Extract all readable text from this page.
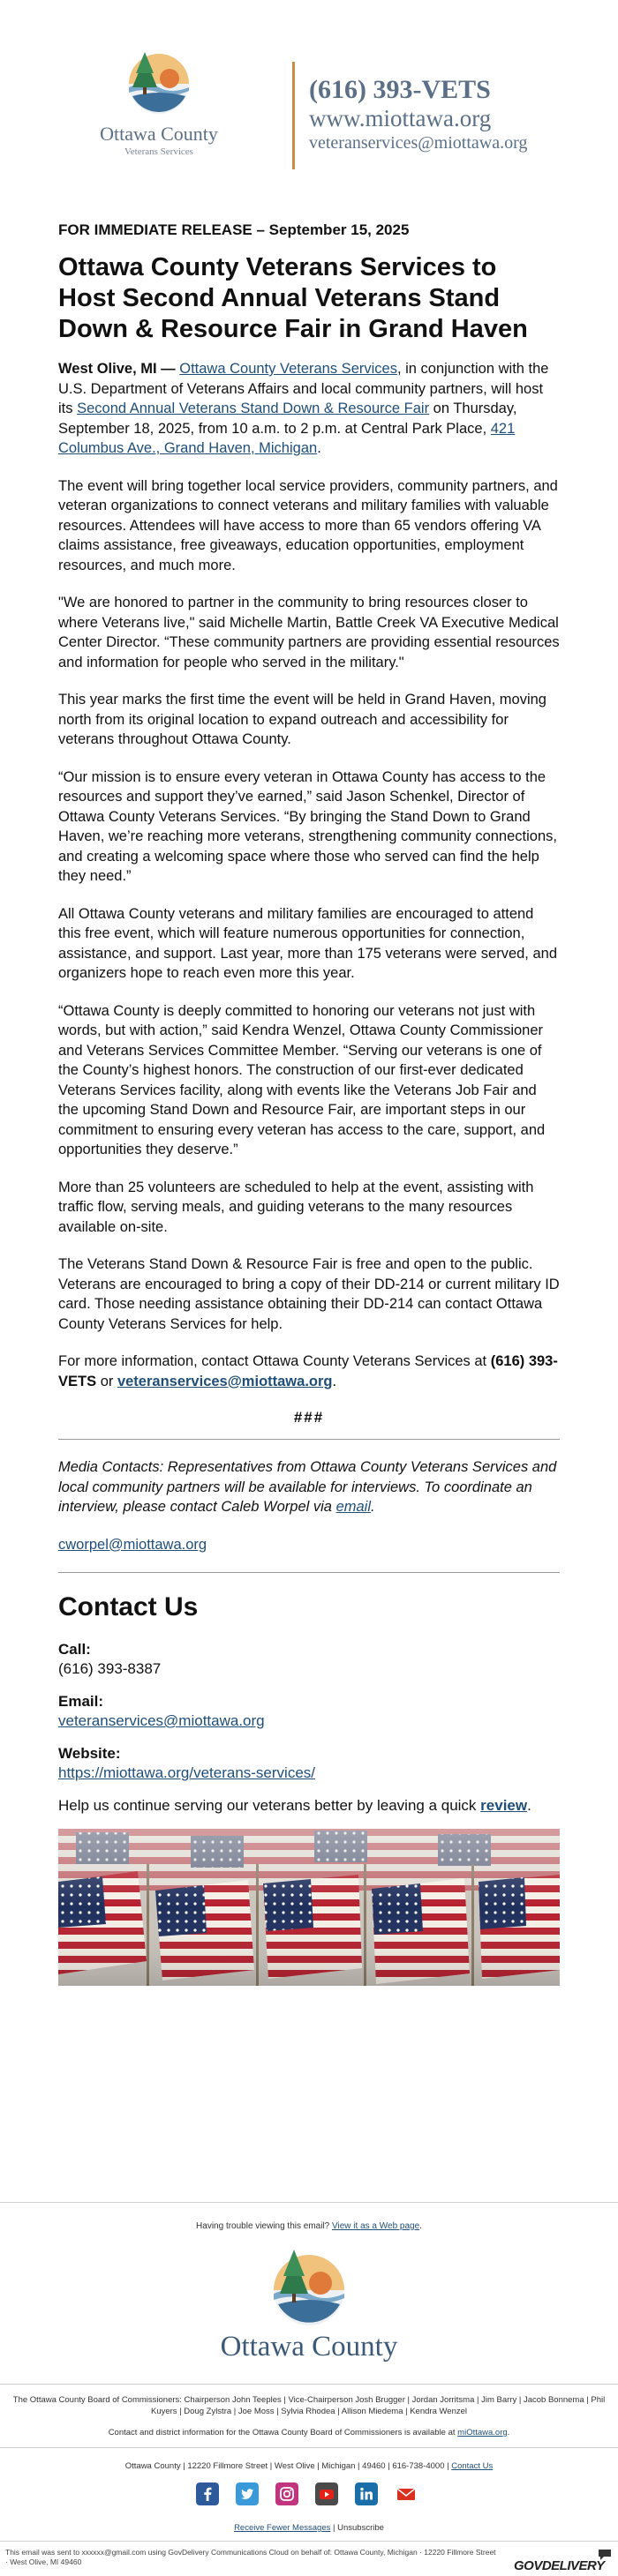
Ottawa County
Veterans Services
(616) 393-VETS
www.miottawa.org
veteranservices@miottawa.org
FOR IMMEDIATE RELEASE – September 15, 2025
Ottawa County Veterans Services to Host Second Annual Veterans Stand Down & Resource Fair in Grand Haven

West Olive, MI — Ottawa County Veterans Services, in conjunction with the U.S. Department of Veterans Affairs and local community partners, will host its Second Annual Veterans Stand Down & Resource Fair on Thursday, September 18, 2025, from 10 a.m. to 2 p.m. at Central Park Place, 421 Columbus Ave., Grand Haven, Michigan.

The event will bring together local service providers, community partners, and veteran organizations to connect veterans and military families with valuable resources. Attendees will have access to more than 65 vendors offering VA claims assistance, free giveaways, education opportunities, employment resources, and much more.

"We are honored to partner in the community to bring resources closer to where Veterans live," said Michelle Martin, Battle Creek VA Executive Medical Center Director. “These community partners are providing essential resources and information for people who served in the military."

This year marks the first time the event will be held in Grand Haven, moving north from its original location to expand outreach and accessibility for veterans throughout Ottawa County.

“Our mission is to ensure every veteran in Ottawa County has access to the resources and support they’ve earned,” said Jason Schenkel, Director of Ottawa County Veterans Services. “By bringing the Stand Down to Grand Haven, we’re reaching more veterans, strengthening community connections, and creating a welcoming space where those who served can find the help they need.”

All Ottawa County veterans and military families are encouraged to attend this free event, which will feature numerous opportunities for connection, assistance, and support. Last year, more than 175 veterans were served, and organizers hope to reach even more this year.

“Ottawa County is deeply committed to honoring our veterans not just with words, but with action,” said Kendra Wenzel, Ottawa County Commissioner and Veterans Services Committee Member. “Serving our veterans is one of the County’s highest honors. The construction of our first-ever dedicated Veterans Services facility, along with events like the Veterans Job Fair and the upcoming Stand Down and Resource Fair, are important steps in our commitment to ensuring every veteran has access to the care, support, and opportunities they deserve.”

More than 25 volunteers are scheduled to help at the event, assisting with traffic flow, serving meals, and guiding veterans to the many resources available on-site.

The Veterans Stand Down & Resource Fair is free and open to the public. Veterans are encouraged to bring a copy of their DD-214 or current military ID card. Those needing assistance obtaining their DD-214 can contact Ottawa County Veterans Services for help.

For more information, contact Ottawa County Veterans Services at (616) 393-VETS or veteranservices@miottawa.org.

###

Media Contacts: Representatives from Ottawa County Veterans Services and local community partners will be available for interviews. To coordinate an interview, please contact Caleb Worpel via email.

cworpel@miottawa.org

Contact Us
Call:
(616) 393-8387
Email:
veteranservices@miottawa.org
Website:
https://miottawa.org/veterans-services/
Help us continue serving our veterans better by leaving a quick review.
Having trouble viewing this email? View it as a Web page.
Ottawa County
The Ottawa County Board of Commissioners: Chairperson John Teeples | Vice-Chairperson Josh Brugger | Jordan Jorritsma | Jim Barry | Jacob Bonnema | Phil Kuyers | Doug Zylstra | Joe Moss | Sylvia Rhodea | Allison Miedema | Kendra Wenzel
Contact and district information for the Ottawa County Board of Commissioners is available at miOttawa.org.
Ottawa County | 12220 Fillmore Street | West Olive | Michigan | 49460 | 616-738-4000 | Contact Us
Receive Fewer Messages | Unsubscribe
This email was sent to xxxxxx@gmail.com using GovDelivery Communications Cloud on behalf of: Ottawa County, Michigan · 12220 Fillmore Street · West Olive, MI 49460	GOVDELIVERY
